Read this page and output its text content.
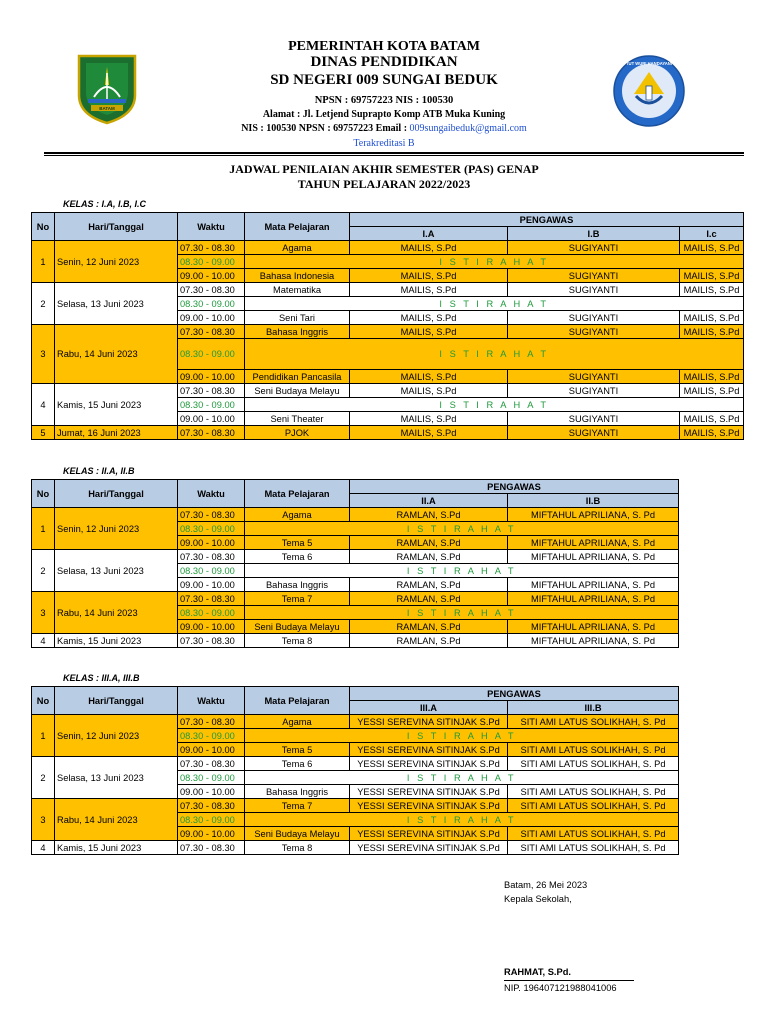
BATAM
TUT WURI HANDAYANI
PEMERINTAH KOTA BATAM
DINAS PENDIDIKAN
SD NEGERI 009 SUNGAI BEDUK
NPSN : 69757223 NIS : 100530
Alamat : Jl. Letjend Suprapto Komp ATB Muka Kuning
NIS : 100530 NPSN : 69757223 Email : 009sungaibeduk@gmail.com
Terakreditasi B
JADWAL PENILAIAN AKHIR SEMESTER (PAS) GENAP
TAHUN PELAJARAN 2022/2023
KELAS : I.A, I.B, I.C
No	Hari/Tanggal	Waktu	Mata Pelajaran	PENGAWAS		
				I.A	I.B	I.c
1	Senin, 12 Juni 2023	07.30 - 08.30	Agama	MAILIS, S.Pd	SUGIYANTI	MAILIS, S.Pd
		08.30 - 09.00	I S T I R A H A T			
		09.00 - 10.00	Bahasa Indonesia	MAILIS, S.Pd	SUGIYANTI	MAILIS, S.Pd
2	Selasa, 13 Juni 2023	07.30 - 08.30	Matematika	MAILIS, S.Pd	SUGIYANTI	MAILIS, S.Pd
		08.30 - 09.00	I S T I R A H A T			
		09.00 - 10.00	Seni Tari	MAILIS, S.Pd	SUGIYANTI	MAILIS, S.Pd
3	Rabu, 14 Juni 2023	07.30 - 08.30	Bahasa Inggris	MAILIS, S.Pd	SUGIYANTI	MAILIS, S.Pd
		08.30 - 09.00	I S T I R A H A T			
		09.00 - 10.00	Pendidikan Pancasila	MAILIS, S.Pd	SUGIYANTI	MAILIS, S.Pd
4	Kamis, 15 Juni 2023	07.30 - 08.30	Seni Budaya Melayu	MAILIS, S.Pd	SUGIYANTI	MAILIS, S.Pd
		08.30 - 09.00	I S T I R A H A T			
		09.00 - 10.00	Seni Theater	MAILIS, S.Pd	SUGIYANTI	MAILIS, S.Pd
5	Jumat, 16 Juni 2023	07.30 - 08.30	PJOK	MAILIS, S.Pd	SUGIYANTI	MAILIS, S.Pd
KELAS : II.A, II.B
No	Hari/Tanggal	Waktu	Mata Pelajaran	PENGAWAS	
				II.A	II.B
1	Senin, 12 Juni 2023	07.30 - 08.30	Agama	RAMLAN, S.Pd	MIFTAHUL APRILIANA, S. Pd
		08.30 - 09.00	I S T I R A H A T		
		09.00 - 10.00	Tema 5	RAMLAN, S.Pd	MIFTAHUL APRILIANA, S. Pd
2	Selasa, 13 Juni 2023	07.30 - 08.30	Tema 6	RAMLAN, S.Pd	MIFTAHUL APRILIANA, S. Pd
		08.30 - 09.00	I S T I R A H A T		
		09.00 - 10.00	Bahasa Inggris	RAMLAN, S.Pd	MIFTAHUL APRILIANA, S. Pd
3	Rabu, 14 Juni 2023	07.30 - 08.30	Tema 7	RAMLAN, S.Pd	MIFTAHUL APRILIANA, S. Pd
		08.30 - 09.00	I S T I R A H A T		
		09.00 - 10.00	Seni Budaya Melayu	RAMLAN, S.Pd	MIFTAHUL APRILIANA, S. Pd
4	Kamis, 15 Juni 2023	07.30 - 08.30	Tema 8	RAMLAN, S.Pd	MIFTAHUL APRILIANA, S. Pd
KELAS : III.A, III.B
No	Hari/Tanggal	Waktu	Mata Pelajaran	PENGAWAS	
				III.A	III.B
1	Senin, 12 Juni 2023	07.30 - 08.30	Agama	YESSI SEREVINA SITINJAK S.Pd	SITI AMI LATUS SOLIKHAH, S. Pd
		08.30 - 09.00	I S T I R A H A T		
		09.00 - 10.00	Tema 5	YESSI SEREVINA SITINJAK S.Pd	SITI AMI LATUS SOLIKHAH, S. Pd
2	Selasa, 13 Juni 2023	07.30 - 08.30	Tema 6	YESSI SEREVINA SITINJAK S.Pd	SITI AMI LATUS SOLIKHAH, S. Pd
		08.30 - 09.00	I S T I R A H A T		
		09.00 - 10.00	Bahasa Inggris	YESSI SEREVINA SITINJAK S.Pd	SITI AMI LATUS SOLIKHAH, S. Pd
3	Rabu, 14 Juni 2023	07.30 - 08.30	Tema 7	YESSI SEREVINA SITINJAK S.Pd	SITI AMI LATUS SOLIKHAH, S. Pd
		08.30 - 09.00	I S T I R A H A T		
		09.00 - 10.00	Seni Budaya Melayu	YESSI SEREVINA SITINJAK S.Pd	SITI AMI LATUS SOLIKHAH, S. Pd
4	Kamis, 15 Juni 2023	07.30 - 08.30	Tema 8	YESSI SEREVINA SITINJAK S.Pd	SITI AMI LATUS SOLIKHAH, S. Pd
Batam, 26 Mei 2023
Kepala Sekolah,
RAHMAT, S.Pd.
NIP. 196407121988041006
